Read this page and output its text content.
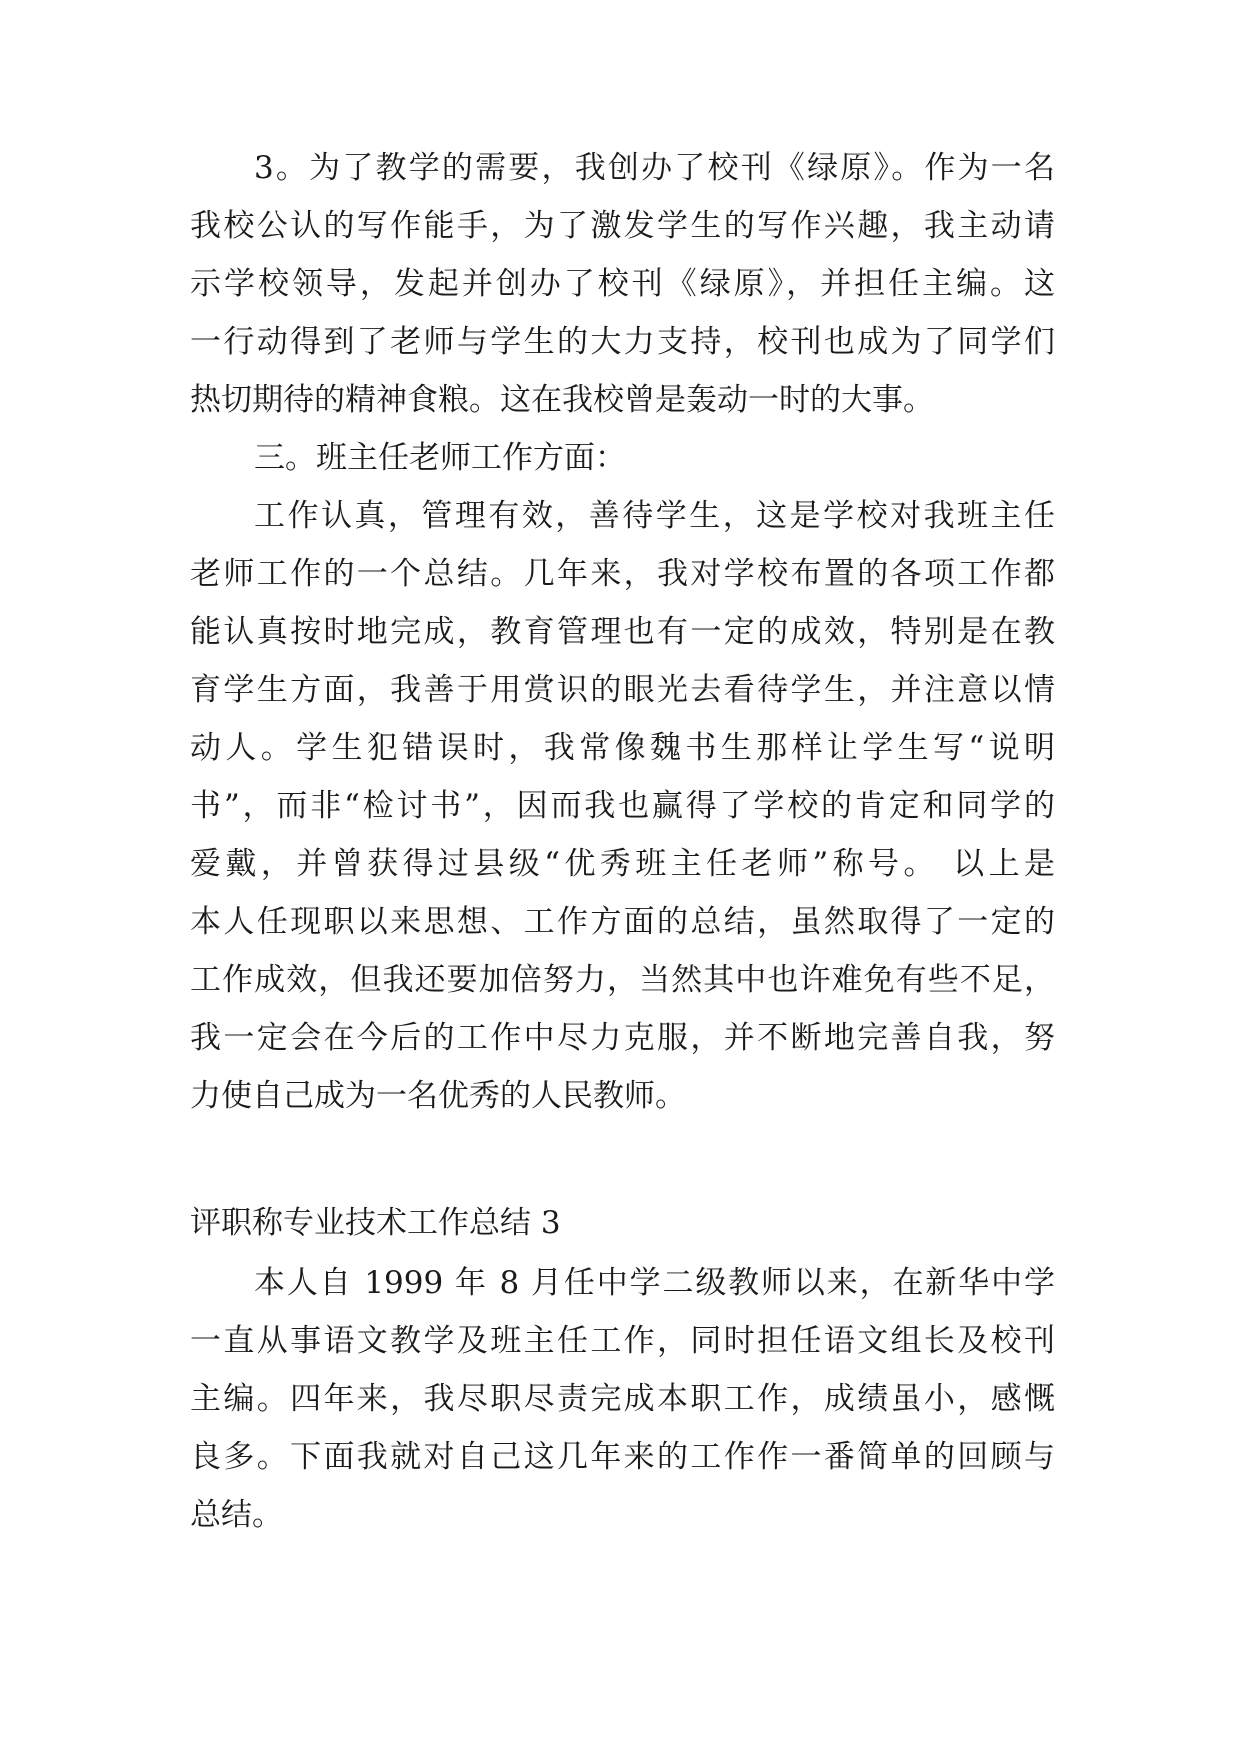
3。为了教学的需要，我创办了校刊《绿原》。作为一名
我校公认的写作能手，为了激发学生的写作兴趣，我主动请
示学校领导，发起并创办了校刊《绿原》，并担任主编。这
一行动得到了老师与学生的大力支持，校刊也成为了同学们
热切期待的精神食粮。这在我校曾是轰动一时的大事。
三。班主任老师工作方面：
工作认真，管理有效，善待学生，这是学校对我班主任
老师工作的一个总结。几年来，我对学校布置的各项工作都
能认真按时地完成，教育管理也有一定的成效，特别是在教
育学生方面，我善于用赏识的眼光去看待学生，并注意以情
动人。学生犯错误时，我常像魏书生那样让学生写“说明
书”，而非“检讨书”，因而我也赢得了学校的肯定和同学的
爱戴，并曾获得过县级“优秀班主任老师”称号。 以上是
本人任现职以来思想、工作方面的总结，虽然取得了一定的
工作成效，但我还要加倍努力，当然其中也许难免有些不足，
我一定会在今后的工作中尽力克服，并不断地完善自我，努
力使自己成为一名优秀的人民教师。
评职称专业技术工作总结 3
本人自 1999 年 8 月任中学二级教师以来，在新华中学
一直从事语文教学及班主任工作，同时担任语文组长及校刊
主编。四年来，我尽职尽责完成本职工作，成绩虽小，感慨
良多。下面我就对自己这几年来的工作作一番简单的回顾与
总结。
